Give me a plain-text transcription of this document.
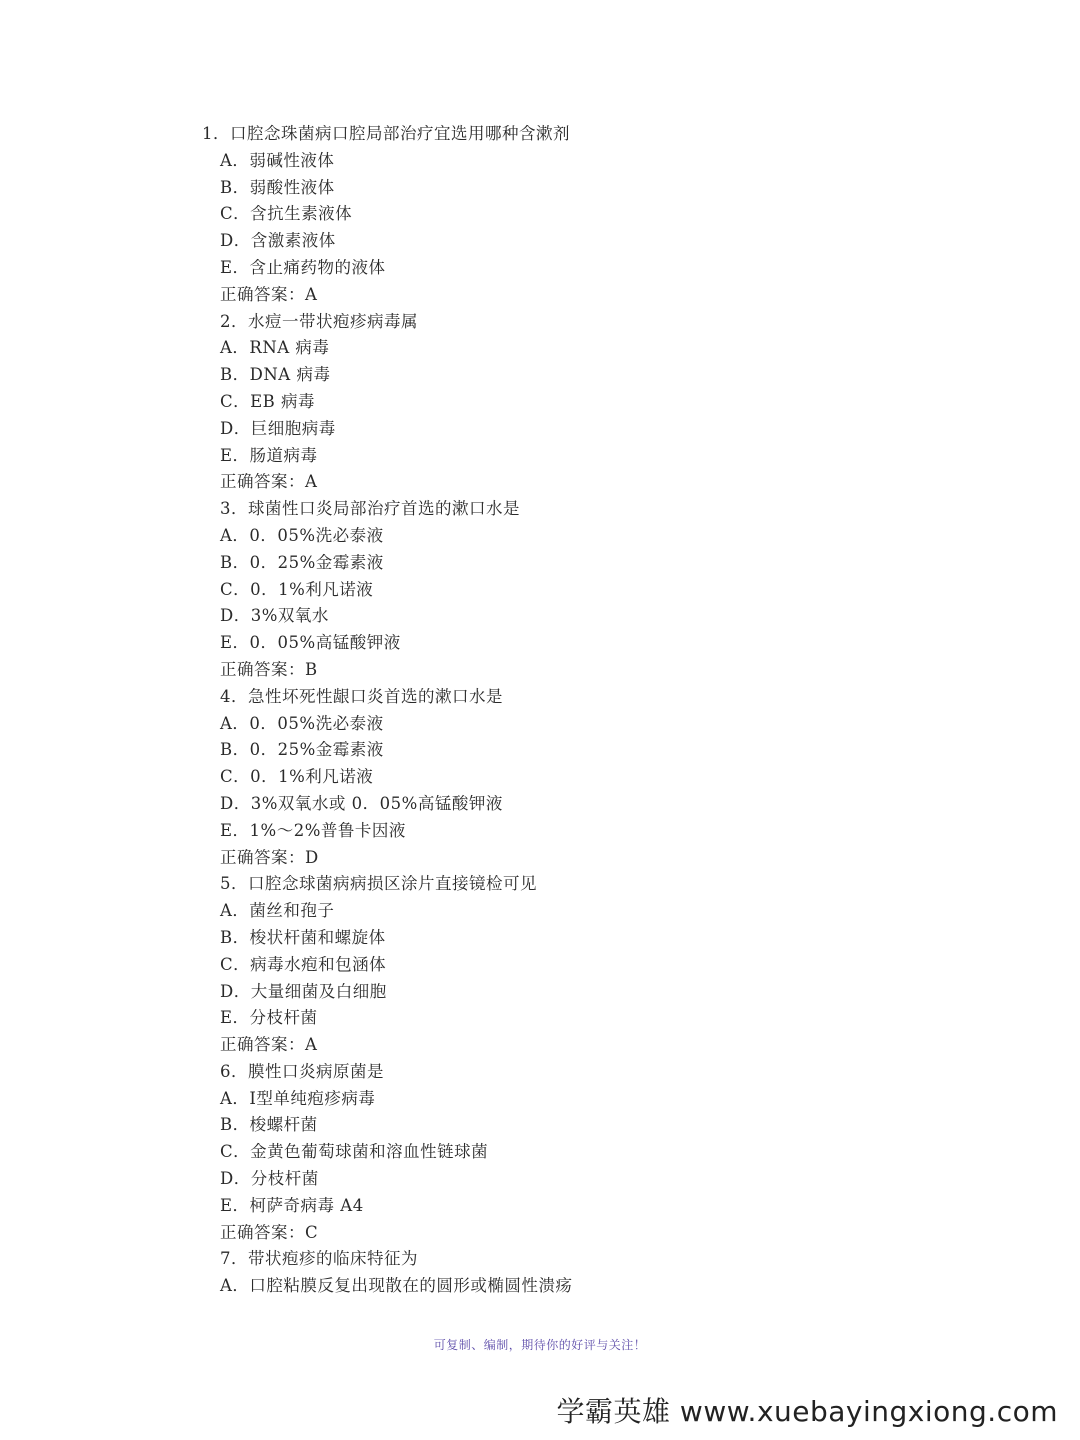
1．口腔念珠菌病口腔局部治疗宜选用哪种含漱剂
A．弱碱性液体
B．弱酸性液体
C．含抗生素液体
D．含激素液体
E．含止痛药物的液体
正确答案：A
2．水痘一带状疱疹病毒属
A．RNA 病毒
B．DNA 病毒
C．EB 病毒
D．巨细胞病毒
E．肠道病毒
正确答案：A
3．球菌性口炎局部治疗首选的漱口水是
A．0．05%洗必泰液
B．0．25%金霉素液
C．0．1%利凡诺液
D．3%双氧水
E．0．05%高锰酸钾液
正确答案：B
4．急性坏死性龈口炎首选的漱口水是
A．0．05%洗必泰液
B．0．25%金霉素液
C．0．1%利凡诺液
D．3%双氧水或 0．05%高锰酸钾液
E．1%～2%普鲁卡因液
正确答案：D
5．口腔念球菌病病损区涂片直接镜检可见
A．菌丝和孢子
B．梭状杆菌和螺旋体
C．病毒水疱和包涵体
D．大量细菌及白细胞
E．分枝杆菌
正确答案：A
6．膜性口炎病原菌是
A．Ⅰ型单纯疱疹病毒
B．梭螺杆菌
C．金黄色葡萄球菌和溶血性链球菌
D．分枝杆菌
E．柯萨奇病毒 A4
正确答案：C
7．带状疱疹的临床特征为
A．口腔粘膜反复出现散在的圆形或椭圆性溃疡
可复制、编制，期待你的好评与关注！
学霸英雄 www.xuebayingxiong.com
